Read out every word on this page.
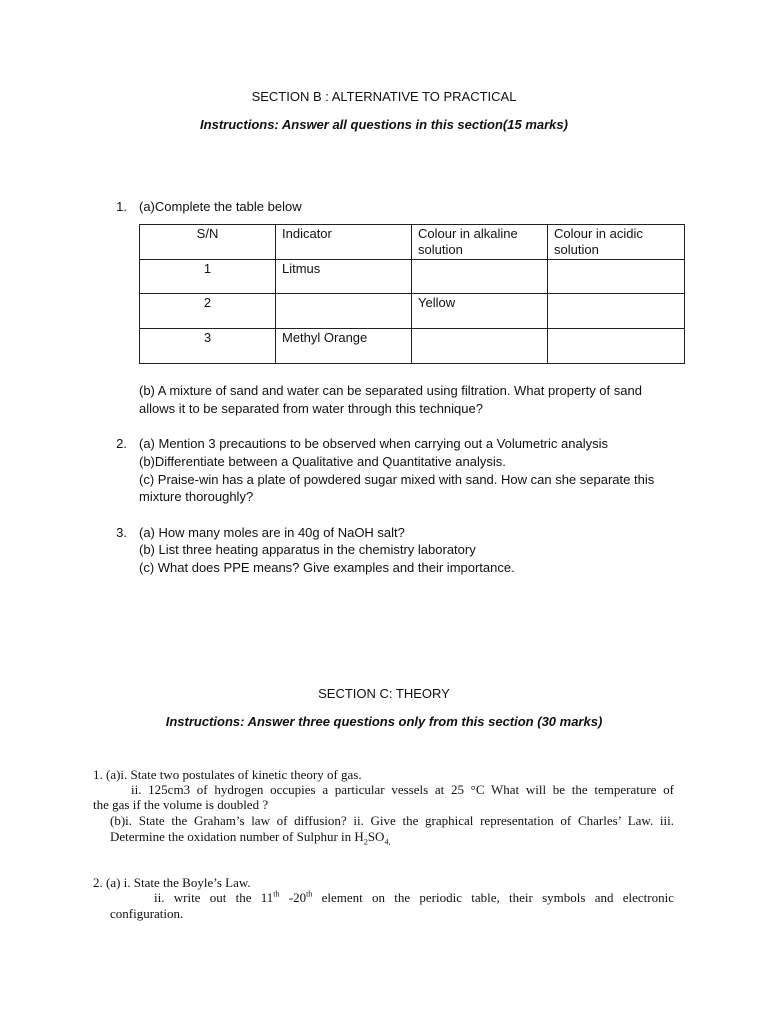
SECTION B : ALTERNATIVE TO PRACTICAL
Instructions: Answer all questions in this section(15 marks)
1. (a)Complete the table below
S/N	Indicator	Colour in alkaline solution	Colour in acidic solution
1	Litmus		
2		Yellow	
3	Methyl Orange		
(b) A mixture of sand and water can be separated using filtration. What property of sand
allows it to be separated from water through this technique?
2. (a) Mention 3 precautions to be observed when carrying out a Volumetric analysis
(b)Differentiate between a Qualitative and Quantitative analysis.
(c) Praise-win has a plate of powdered sugar mixed with sand. How can she separate this
mixture thoroughly?
3. (a) How many moles are in 40g of NaOH salt?
(b) List three heating apparatus in the chemistry laboratory
(c) What does PPE means? Give examples and their importance.
SECTION C: THEORY
Instructions: Answer three questions only from this section (30 marks)
1. (a)i. State two postulates of kinetic theory of gas.
ii. 125cm3 of hydrogen occupies a particular vessels at 25 °C What will be the temperature of
the gas if the volume is doubled ?
(b)i. State the Graham’s law of diffusion? ii. Give the graphical representation of Charles’ Law. iii.
Determine the oxidation number of Sulphur in $H_2SO_{4,}$
2. (a) i. State the Boyle’s Law.
ii. write out the 11th -20th element on the periodic table, their symbols and electronic
configuration.
